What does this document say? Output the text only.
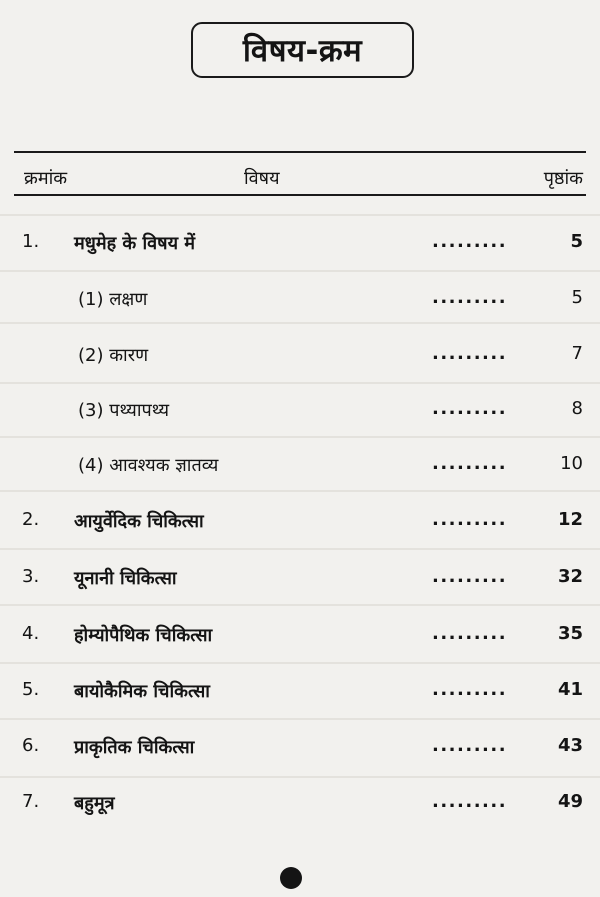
विषय-क्रम
क्रमांक	विषय	पृष्ठांक
1. मधुमेह के विषय में	.........	5
(1) लक्षण	.........	5
(2) कारण	.........	7
(3) पथ्यापथ्य	.........	8
(4) आवश्यक ज्ञातव्य	.........	10
2. आयुर्वेदिक चिकित्सा	.........	12
3. यूनानी चिकित्सा	.........	32
4. होम्योपैथिक चिकित्सा	.........	35
5. बायोकैमिक चिकित्सा	.........	41
6. प्राकृतिक चिकित्सा	.........	43
7. बहुमूत्र	.........	49
